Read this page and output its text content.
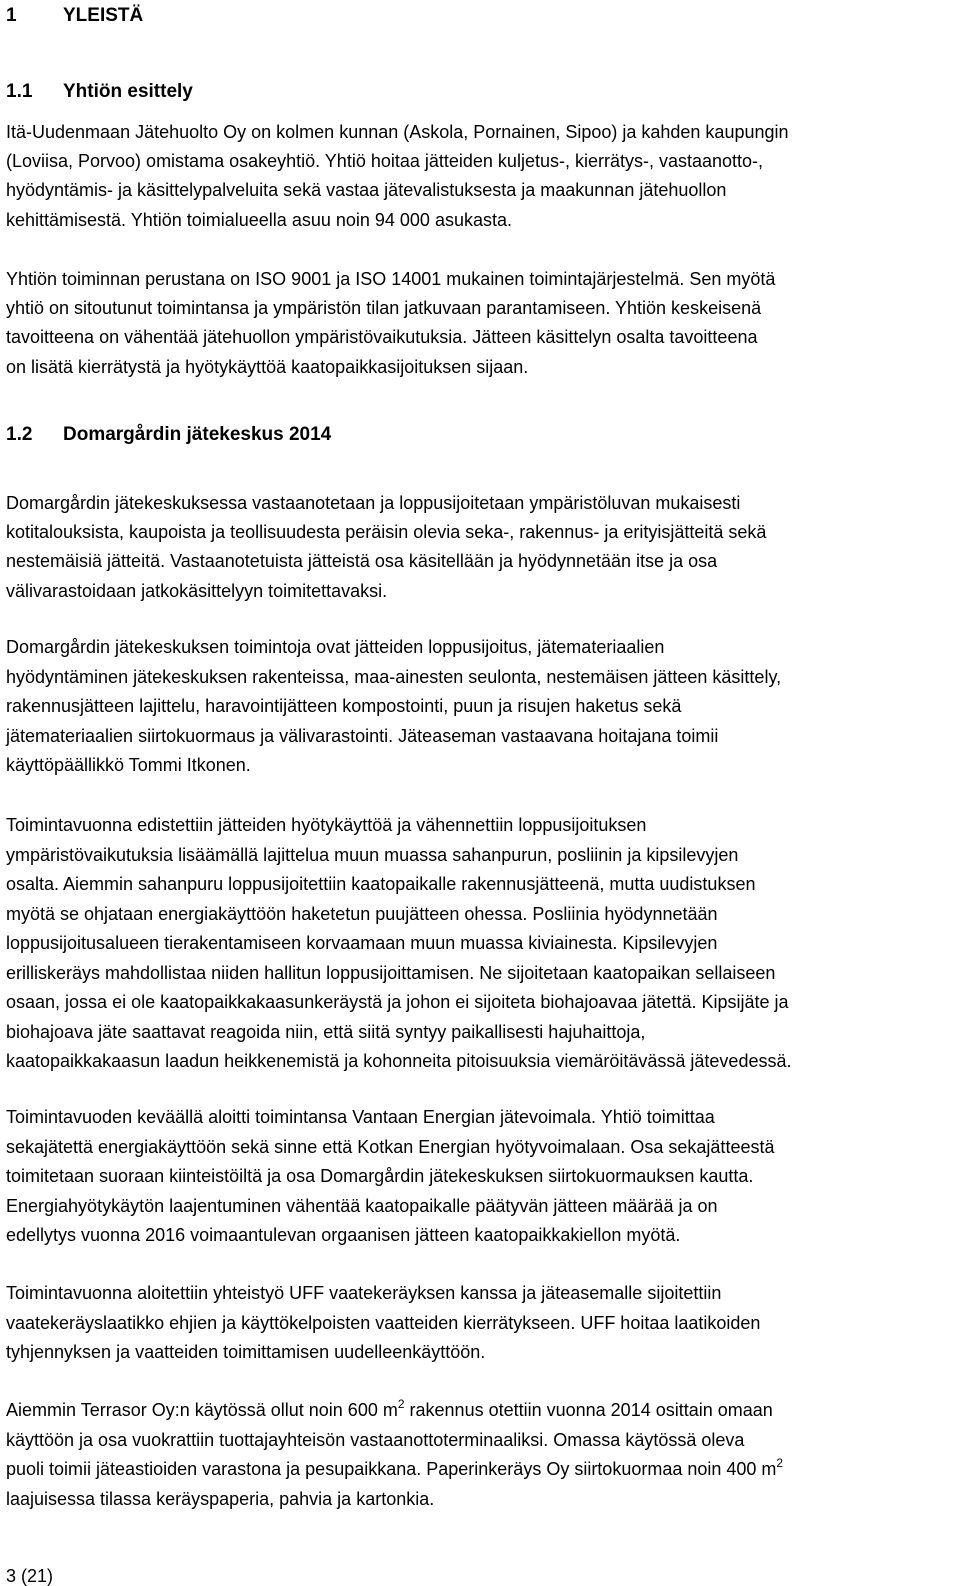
1 YLEISTÄ
1.1 Yhtiön esittely

Itä-Uudenmaan Jätehuolto Oy on kolmen kunnan (Askola, Pornainen, Sipoo) ja kahden kaupungin
(Loviisa, Porvoo) omistama osakeyhtiö. Yhtiö hoitaa jätteiden kuljetus-, kierrätys-, vastaanotto-,
hyödyntämis- ja käsittelypalveluita sekä vastaa jätevalistuksesta ja maakunnan jätehuollon
kehittämisestä. Yhtiön toimialueella asuu noin 94 000 asukasta.

Yhtiön toiminnan perustana on ISO 9001 ja ISO 14001 mukainen toimintajärjestelmä. Sen myötä
yhtiö on sitoutunut toimintansa ja ympäristön tilan jatkuvaan parantamiseen. Yhtiön keskeisenä
tavoitteena on vähentää jätehuollon ympäristövaikutuksia. Jätteen käsittelyn osalta tavoitteena
on lisätä kierrätystä ja hyötykäyttöä kaatopaikkasijoituksen sijaan.

1.2 Domargårdin jätekeskus 2014

Domargårdin jätekeskuksessa vastaanotetaan ja loppusijoitetaan ympäristöluvan mukaisesti
kotitalouksista, kaupoista ja teollisuudesta peräisin olevia seka-, rakennus- ja erityisjätteitä sekä
nestemäisiä jätteitä. Vastaanotetuista jätteistä osa käsitellään ja hyödynnetään itse ja osa
välivarastoidaan jatkokäsittelyyn toimitettavaksi.

Domargårdin jätekeskuksen toimintoja ovat jätteiden loppusijoitus, jätemateriaalien
hyödyntäminen jätekeskuksen rakenteissa, maa-ainesten seulonta, nestemäisen jätteen käsittely,
rakennusjätteen lajittelu, haravointijätteen kompostointi, puun ja risujen haketus sekä
jätemateriaalien siirtokuormaus ja välivarastointi. Jäteaseman vastaavana hoitajana toimii
käyttöpäällikkö Tommi Itkonen.

Toimintavuonna edistettiin jätteiden hyötykäyttöä ja vähennettiin loppusijoituksen
ympäristövaikutuksia lisäämällä lajittelua muun muassa sahanpurun, posliinin ja kipsilevyjen
osalta. Aiemmin sahanpuru loppusijoitettiin kaatopaikalle rakennusjätteenä, mutta uudistuksen
myötä se ohjataan energiakäyttöön haketetun puujätteen ohessa. Posliinia hyödynnetään
loppusijoitusalueen tierakentamiseen korvaamaan muun muassa kiviainesta. Kipsilevyjen
erilliskeräys mahdollistaa niiden hallitun loppusijoittamisen. Ne sijoitetaan kaatopaikan sellaiseen
osaan, jossa ei ole kaatopaikkakaasunkeräystä ja johon ei sijoiteta biohajoavaa jätettä. Kipsijäte ja
biohajoava jäte saattavat reagoida niin, että siitä syntyy paikallisesti hajuhaittoja,
kaatopaikkakaasun laadun heikkenemistä ja kohonneita pitoisuuksia viemäröitävässä jätevedessä.

Toimintavuoden keväällä aloitti toimintansa Vantaan Energian jätevoimala. Yhtiö toimittaa
sekajätettä energiakäyttöön sekä sinne että Kotkan Energian hyötyvoimalaan. Osa sekajätteestä
toimitetaan suoraan kiinteistöiltä ja osa Domargårdin jätekeskuksen siirtokuormauksen kautta.
Energiahyötykäytön laajentuminen vähentää kaatopaikalle päätyvän jätteen määrää ja on
edellytys vuonna 2016 voimaantulevan orgaanisen jätteen kaatopaikkakiellon myötä.

Toimintavuonna aloitettiin yhteistyö UFF vaatekeräyksen kanssa ja jäteasemalle sijoitettiin
vaatekeräyslaatikko ehjien ja käyttökelpoisten vaatteiden kierrätykseen. UFF hoitaa laatikoiden
tyhjennyksen ja vaatteiden toimittamisen uudelleenkäyttöön.

Aiemmin Terrasor Oy:n käytössä ollut noin 600 $m^2$ rakennus otettiin vuonna 2014 osittain omaan
käyttöön ja osa vuokrattiin tuottajayhteisön vastaanottoterminaaliksi. Omassa käytössä oleva
puoli toimii jäteastioiden varastona ja pesupaikkana. Paperinkeräys Oy siirtokuormaa noin 400 $m^2$
laajuisessa tilassa keräyspaperia, pahvia ja kartonkia.

3 (21)
